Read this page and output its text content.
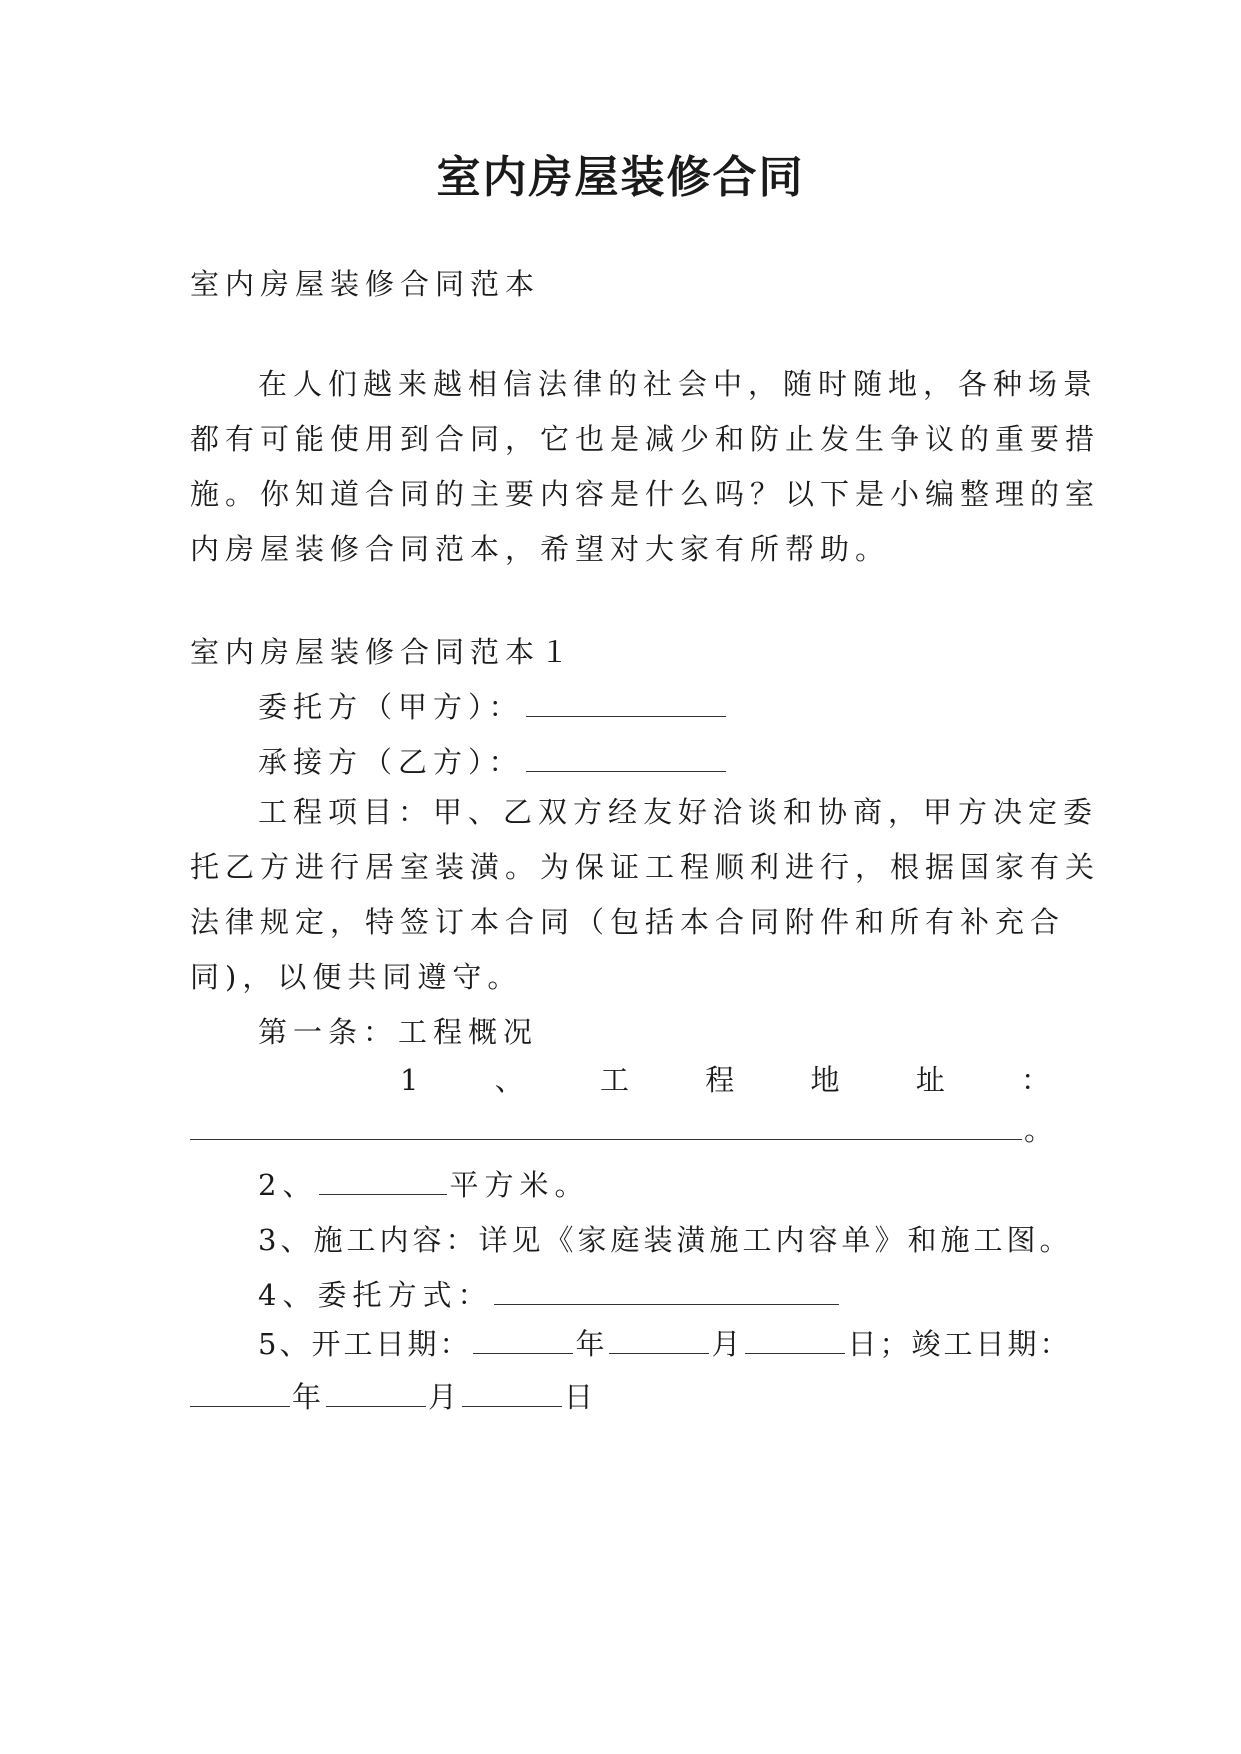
室内房屋装修合同
室内房屋装修合同范本
在人们越来越相信法律的社会中，随时随地，各种场景
都有可能使用到合同，它也是减少和防止发生争议的重要措
施。你知道合同的主要内容是什么吗？以下是小编整理的室
内房屋装修合同范本，希望对大家有所帮助。
室内房屋装修合同范本１
委托方（甲方）：
承接方（乙方）：
工程项目：甲、乙双方经友好洽谈和协商，甲方决定委
托乙方进行居室装潢。为保证工程顺利进行，根据国家有关
法律规定，特签订本合同（包括本合同附件和所有补充合
同)，以便共同遵守。
第一条：工程概况
1	、	工	程	地	址	：
。
2、	平方米。
3、施工内容：详见《家庭装潢施工内容单》和施工图。
4、委托方式：
5、开工日期：	年	月	日；竣工日期：
年	月	日
